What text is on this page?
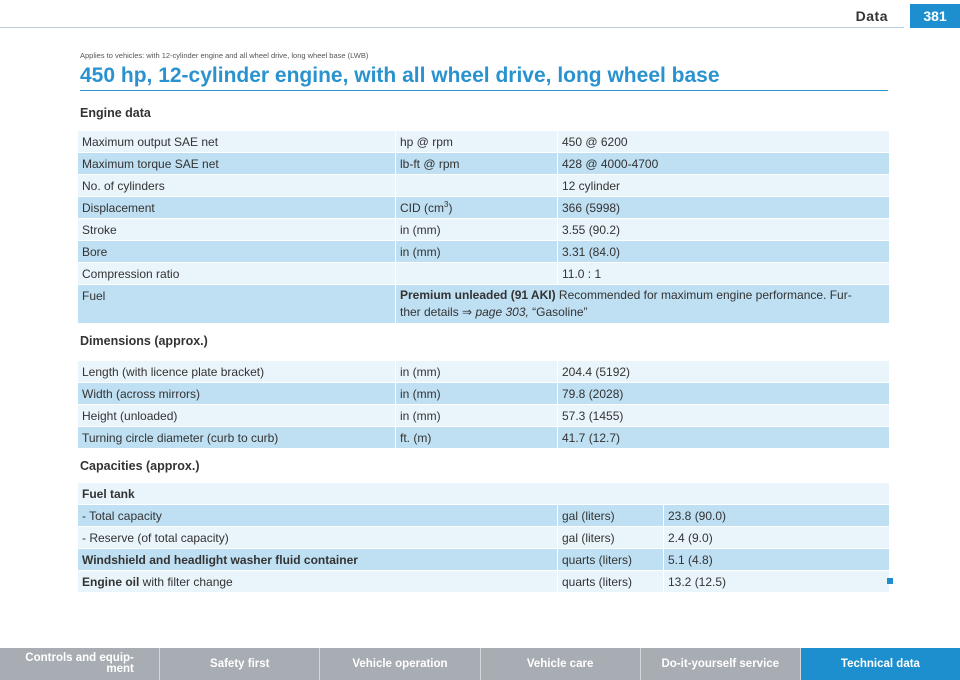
Data	381
Applies to vehicles: with 12-cylinder engine and all wheel drive, long wheel base (LWB)
450 hp, 12-cylinder engine, with all wheel drive, long wheel base
Engine data
Maximum output SAE net	hp @ rpm	450 @ 6200
Maximum torque SAE net	lb-ft @ rpm	428 @ 4000-4700
No. of cylinders		12 cylinder
Displacement	CID $(cm^3)$	366 (5998)
Stroke	in (mm)	3.55 (90.2)
Bore	in (mm)	3.31 (84.0)
Compression ratio		11.0 : 1
Fuel	Premium unleaded (91 AKI) Recommended for maximum engine performance. Fur-
ther details ⇒ page 303, “Gasoline”	
Dimensions (approx.)
Length (with licence plate bracket)	in (mm)	204.4 (5192)
Width (across mirrors)	in (mm)	79.8 (2028)
Height (unloaded)	in (mm)	57.3 (1455)
Turning circle diameter (curb to curb)	ft. (m)	41.7 (12.7)
Capacities (approx.)
Fuel tank		
- Total capacity	gal (liters)	23.8 (90.0)
- Reserve (of total capacity)	gal (liters)	2.4 (9.0)
Windshield and headlight washer fluid container	quarts (liters)	5.1 (4.8)
Engine oil with filter change	quarts (liters)	13.2 (12.5)
Controls and equip-
ment	Safety first	Vehicle operation	Vehicle care	Do-it-yourself service	Technical data
